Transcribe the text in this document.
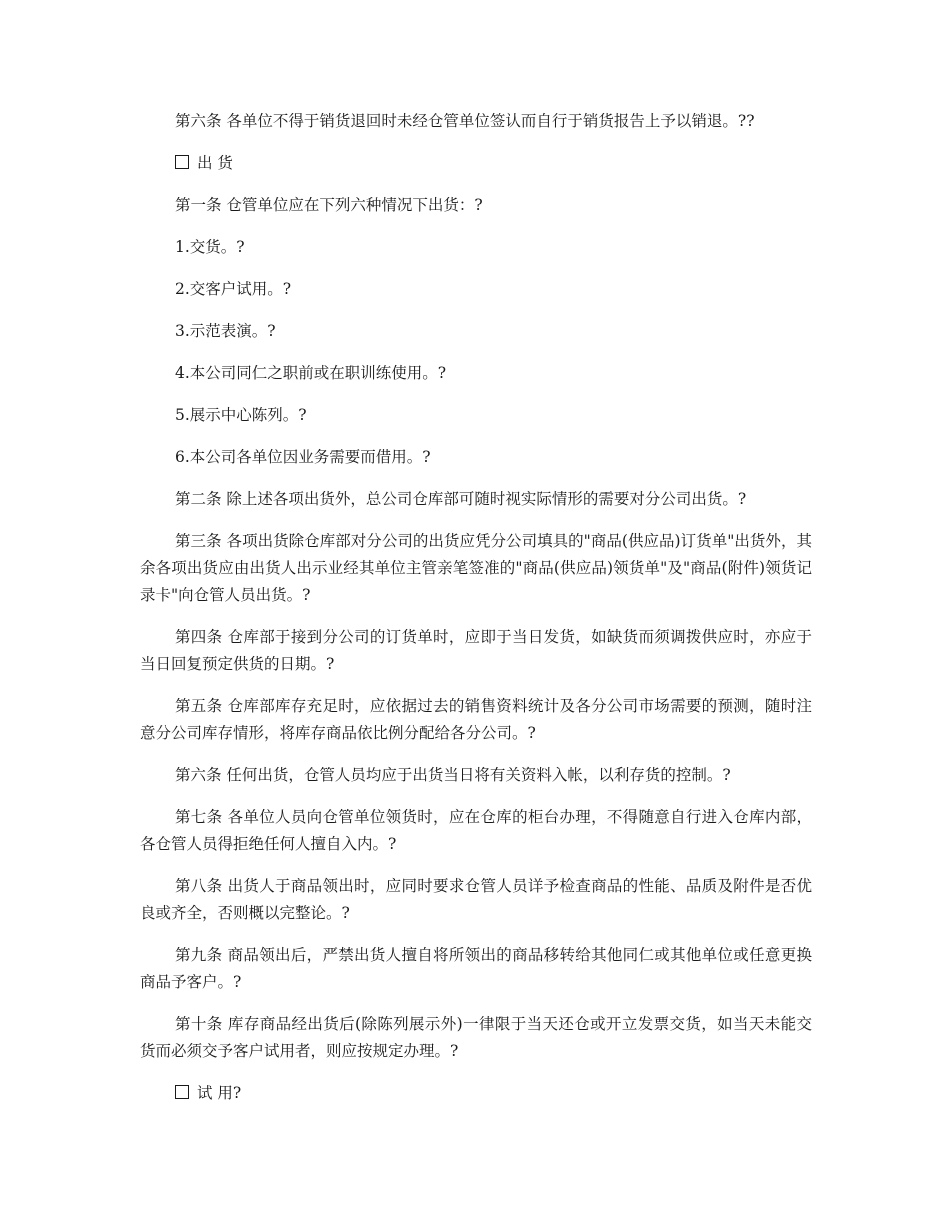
第六条 各单位不得于销货退回时未经仓管单位签认而自行于销货报告上予以销退。??

出 货

第一条 仓管单位应在下列六种情况下出货：?

1.交货。?

2.交客户试用。?

3.示范表演。?

4.本公司同仁之职前或在职训练使用。?

5.展示中心陈列。?

6.本公司各单位因业务需要而借用。?

第二条 除上述各项出货外，总公司仓库部可随时视实际情形的需要对分公司出货。?

第三条 各项出货除仓库部对分公司的出货应凭分公司填具的"商品(供应品)订货单"出货外，其余各项出货应由出货人出示业经其单位主管亲笔签准的"商品(供应品)领货单"及"商品(附件)领货记录卡"向仓管人员出货。?

第四条 仓库部于接到分公司的订货单时，应即于当日发货，如缺货而须调拨供应时，亦应于当日回复预定供货的日期。?

第五条 仓库部库存充足时，应依据过去的销售资料统计及各分公司市场需要的预测，随时注意分公司库存情形，将库存商品依比例分配给各分公司。?

第六条 任何出货，仓管人员均应于出货当日将有关资料入帐，以利存货的控制。?

第七条 各单位人员向仓管单位领货时，应在仓库的柜台办理，不得随意自行进入仓库内部，各仓管人员得拒绝任何人擅自入内。?

第八条 出货人于商品领出时，应同时要求仓管人员详予检查商品的性能、品质及附件是否优良或齐全，否则概以完整论。?

第九条 商品领出后，严禁出货人擅自将所领出的商品移转给其他同仁或其他单位或任意更换商品予客户。?

第十条 库存商品经出货后(除陈列展示外)一律限于当天还仓或开立发票交货，如当天未能交货而必须交予客户试用者，则应按规定办理。?

试 用?
